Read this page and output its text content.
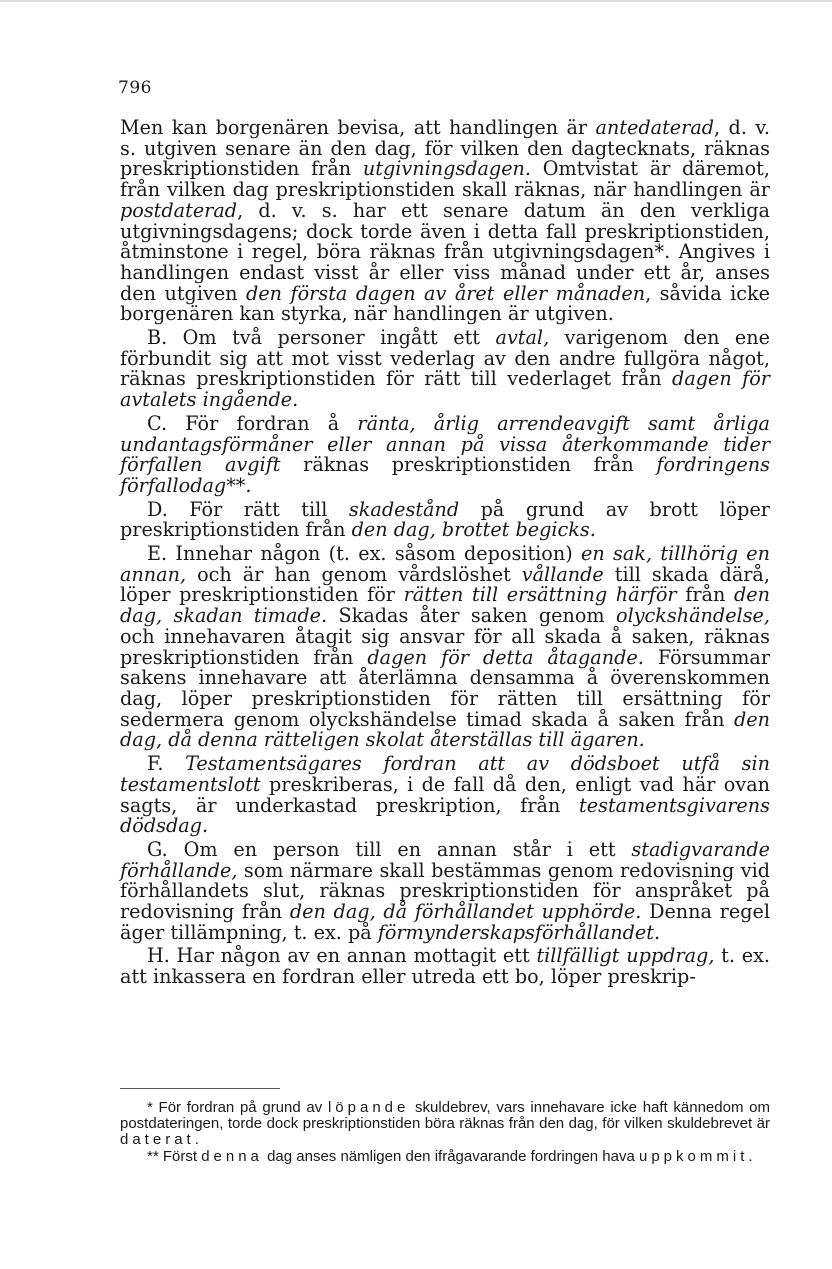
796

Men kan borgenären bevisa, att handlingen är antedaterad, d. v. s. utgiven senare än den dag, för vilken den dagtecknats, räknas preskriptionstiden från utgivningsdagen. Omtvistat är däremot, från vilken dag preskriptionstiden skall räknas, när handlingen är postdaterad, d. v. s. har ett senare datum än den verkliga utgivningsdagens; dock torde även i detta fall preskriptionstiden, åtminstone i regel, böra räknas från utgivningsdagen*. Angives i handlingen endast visst år eller viss månad under ett år, anses den utgiven den första dagen av året eller månaden, såvida icke borgenären kan styrka, när handlingen är utgiven.

B. Om två personer ingått ett avtal, varigenom den ene förbundit sig att mot visst vederlag av den andre fullgöra något, räknas preskriptionstiden för rätt till vederlaget från dagen för avtalets ingående.

C. För fordran å ränta, årlig arrendeavgift samt årliga undantagsförmåner eller annan på vissa återkommande tider förfallen avgift räknas preskriptionstiden från fordringens förfallodag**.

D. För rätt till skadestånd på grund av brott löper preskriptionstiden från den dag, brottet begicks.

E. Innehar någon (t. ex. såsom deposition) en sak, tillhörig en annan, och är han genom vårdslöshet vållande till skada därå, löper preskriptionstiden för rätten till ersättning härför från den dag, skadan timade. Skadas åter saken genom olyckshändelse, och innehavaren åtagit sig ansvar för all skada å saken, räknas preskriptionstiden från dagen för detta åtagande. Försummar sakens innehavare att återlämna densamma å överenskommen dag, löper preskriptionstiden för rätten till ersättning för sedermera genom olyckshändelse timad skada å saken från den dag, då denna rätteligen skolat återställas till ägaren.

F. Testamentsägares fordran att av dödsboet utfå sin testamentslott preskriberas, i de fall då den, enligt vad här ovan sagts, är underkastad preskription, från testamentsgivarens dödsdag.

G. Om en person till en annan står i ett stadigvarande förhållande, som närmare skall bestämmas genom redovisning vid förhållandets slut, räknas preskriptionstiden för anspråket på redovisning från den dag, då förhållandet upphörde. Denna regel äger tillämpning, t. ex. på förmynderskapsförhållandet.

H. Har någon av en annan mottagit ett tillfälligt uppdrag, t. ex. att inkassera en fordran eller utreda ett bo, löper preskrip-

* För fordran på grund av löpande skuldebrev, vars innehavare icke haft kännedom om postdateringen, torde dock preskriptionstiden böra räknas från den dag, för vilken skuldebrevet är daterat.

** Först denna dag anses nämligen den ifrågavarande fordringen hava uppkommit.
